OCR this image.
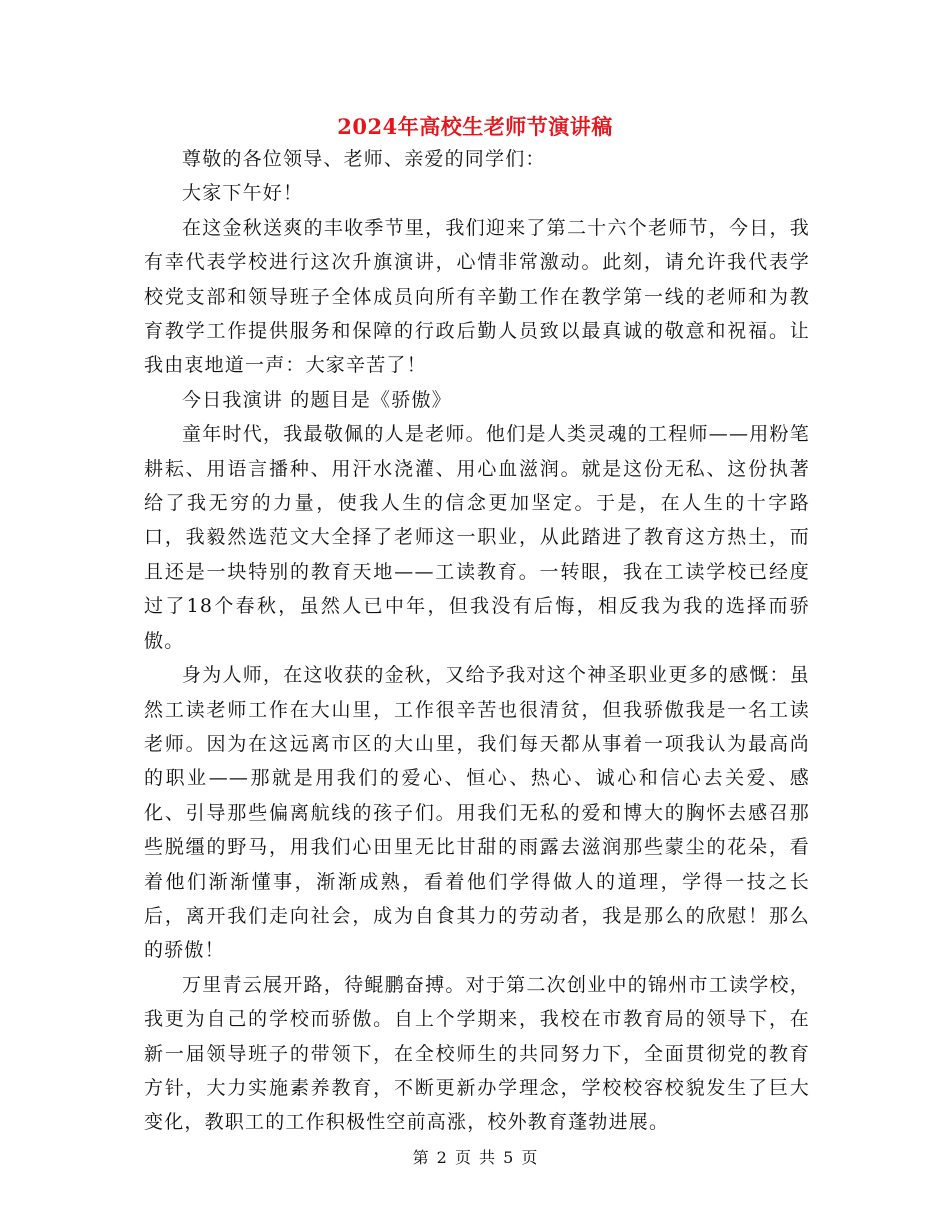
2024年高校生老师节演讲稿

尊敬的各位领导、老师、亲爱的同学们：

大家下午好！

在这金秋送爽的丰收季节里，我们迎来了第二十六个老师节，今日，我有幸代表学校进行这次升旗演讲，心情非常激动。此刻，请允许我代表学校党支部和领导班子全体成员向所有辛勤工作在教学第一线的老师和为教育教学工作提供服务和保障的行政后勤人员致以最真诚的敬意和祝福。让我由衷地道一声：大家辛苦了！

今日我演讲 的题目是《骄傲》

童年时代，我最敬佩的人是老师。他们是人类灵魂的工程师——用粉笔耕耘、用语言播种、用汗水浇灌、用心血滋润。就是这份无私、这份执著给了我无穷的力量，使我人生的信念更加坚定。于是，在人生的十字路口，我毅然选范文大全择了老师这一职业，从此踏进了教育这方热土，而且还是一块特别的教育天地——工读教育。一转眼，我在工读学校已经度过了18个春秋，虽然人已中年，但我没有后悔，相反我为我的选择而骄傲。

身为人师，在这收获的金秋，又给予我对这个神圣职业更多的感慨：虽然工读老师工作在大山里，工作很辛苦也很清贫，但我骄傲我是一名工读老师。因为在这远离市区的大山里，我们每天都从事着一项我认为最高尚的职业——那就是用我们的爱心、恒心、热心、诚心和信心去关爱、感化、引导那些偏离航线的孩子们。用我们无私的爱和博大的胸怀去感召那些脱缰的野马，用我们心田里无比甘甜的雨露去滋润那些蒙尘的花朵，看着他们渐渐懂事，渐渐成熟，看着他们学得做人的道理，学得一技之长后，离开我们走向社会，成为自食其力的劳动者，我是那么的欣慰！那么的骄傲！

万里青云展开路，待鲲鹏奋搏。对于第二次创业中的锦州市工读学校，我更为自己的学校而骄傲。自上个学期来，我校在市教育局的领导下，在新一届领导班子的带领下，在全校师生的共同努力下，全面贯彻党的教育方针，大力实施素养教育，不断更新办学理念，学校校容校貌发生了巨大变化，教职工的工作积极性空前高涨，校外教育蓬勃进展。

第 2 页 共 5 页
